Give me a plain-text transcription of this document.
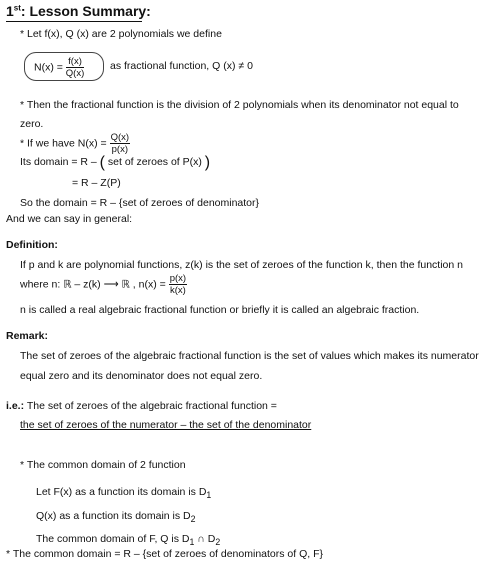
1st: Lesson Summary:
* Let f(x), Q (x) are 2 polynomials we define
$N(x) = \frac{f(x)}{Q(x)}$ as fractional function, Q (x) ≠ 0
* Then the fractional function is the division of 2 polynomials when its denominator not equal to
zero.
* If we have $N(x) = \frac{Q(x)}{p(x)}$
Its domain = R – ( set of zeroes of P(x) )
= R – Z(P)
So the domain = R – {set of zeroes of denominator}
And we can say in general:
Definition:
If p and k are polynomial functions, z(k) is the set of zeroes of the function k, then the function n
where n: ℝ – z(k) ⟶ ℝ , $n(x) = \frac{p(x)}{k(x)}$
n is called a real algebraic fractional function or briefly it is called an algebraic fraction.
Remark:
The set of zeroes of the algebraic fractional function is the set of values which makes its numerator
equal zero and its denominator does not equal zero.
i.e.: The set of zeroes of the algebraic fractional function =
the set of zeroes of the numerator – the set of the denominator
* The common domain of 2 function
Let F(x) as a function its domain is $D_1$
Q(x) as a function its domain is $D_2$
The common domain of F, Q is $D_1$ ∩ $D_2$
* The common domain = R – {set of zeroes of denominators of Q, F}
